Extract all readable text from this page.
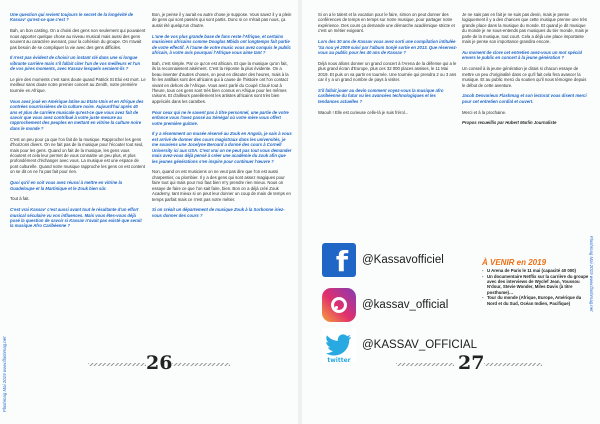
Une question qui revient toujours le secret de la longévité de Kassav' qu'est-ce que c'est ?

Bah, un bon casting. On a choisi des gens non seulement qui pouvaient nous apporter quelque chose au niveau musical mais aussi des gens souvent au caractère avenant, pour la cohésion du groupe. On n'avait pas besoin de se compliquer la vie avec des gens difficiles.

Il n'est pas évident de choisir un instant clé dans une si longue vibrante carrière mais s'il fallait citer l'un de vos meilleurs et l'un de vos pires moments, avec Kassav lesquels seraient-ils ?

Le pire des moments c'est sans doute quand Patrick St Eloi est mort. Le meilleur sans doute notre premier concert au Zenith, notre première tournée en Afrique.

Vous avez joué en Amérique latine au Etats-Unis et en Afrique des contrées nourrissières de la culture noire. Aujourd'hui après 40 ans et plus de carrière musicale qu'est-ce que vous avez fait de savoir que vous avez contribué à votre juste mesure au rapprochement des peuples en mettant en vitrine la culture noire dans le monde ?

C'est un peu pour ça que l'on fait de la musique. Rapprocher les gens d'horizons divers. On ne fait pas de la musique pour l'écouter tout seul, mais pour les gens. Quand on fait de la musique, les gens vous écoutent et cela leur permet de vous connaitre un peu plus, et plus profondément d'échanger avec vous. La musique est une espace de pont culturelle. Quand notre musique rapproche les gens on est content on se dit on ne l'a pas fait pour rien.

Quoi qu'il en soit vous avez réussi à mettre en vitrine la Guadeloupe et la Martinique et le Zouk bien sûr.

Tout à fait.

C'est vrai Kassav' c'est aussi avant tout le résultante d'un effort musical séculaire vu vos influences. Mais vous êtes-vous déjà posé la question de savoir si Kassav n'avait pas existé que serait la musique Afro Caribéenne ?

Bon, je pense il y aurait eu autre chose je suppose. Vous savez il y a plein de gens qui sont passés qui sont partis. Donc si ce n'était pas nous, ça aurait été quelqu'un d'autre.

L'une de vos plus grande base de fans reste l'Afrique, et certains musiciens africains comme Douglas Mbida ont longtemps fait partie de votre effectif. À l'aune de votre music vous avez conquis le public africain, à votre avis pourquoi l'Afrique vous aime tant ?

Bah, c'est simple. Par ce qu'on est africain. Et que la musique qu'on fait, ils la reconnaissent aisément. C'est la réponse la plus évidente. On a beau inventer d'autres choses, on peut en discuter des heures, mais à la fin les antillais sont des africains qui à cause de l'histoire ont l'on contact vivant en dehors de l'Afrique. Vous avez parlé du Coupé Cloué tout à l'heure, tous ces gens sont très bien connus en Afrique pour les mêmes raisons. Et d'ailleurs pareillement les artistes africains sont très bien appréciés dans les caraïbes.

Pour ceux qui ne le savent pas à titre personnel, une partie de votre enfance vous l'avez passé au Sénégal où votre mère vous offert votre première guitare.

Il y a récemment un musée réservé au Zouk en Angola, je sais à vous est arrivé de donner des cours magistraux dans les universités, je me souviens une Jocelyne Beroard a donné des cours à Cornell University ici aux USA. C'est vrai on ne peut pas tout vous demander mais avez-vous déjà pensé à créer une académie du zouk afin que les jeunes générations s'en inspire pour continuer l'œuvre ?

Non, quand on est musiciens on ne veut pas dire que l'on est aussi charpentier, ou plombier. Il y a des gens qui sont assez magiques pour faire tout qui mais pour moi faut bien m'y prendre rien mieux. Nous on essaye de faire ce que l'on sait faire, bien. Bon on a déjà créé Zouk Academy, tant mieux si on peut leur donner un coup de main de temps en temps parfait mais ce n'est pas notre métier.

Si on créait un département de musique Zouk à la Sorbonne iriez-vous donner des cours ?

26
Flashmag Mai 2019 www.flashmag.net

Si on a le talent et la vocation pour le faire, simon on peut donner des conférences de temps en temps sur notre musique, pour partager notre expérience. Des cours ça demande une démarche académique stricte et c'est un métier exigeant.

Lors des 30 ans de Kassav vous avez sorti une compilation intitulée 'Sa nou yé 2009 suivi par l'album Sonjé sortie en 2013. Que réservez-vous au public pour les 40 ans de Kassav ?

Déjà nous allons donner un grand concert à l'Arena de la défense qui a le plus grand écran d'Europe, plus ces 32 000 places assises, le 11 Mai 2019. Et puis on va partir en tournée. Une tournée qui prendra 2 ou 3 ans car il y a un grand nombre de pays à visiter.

S'il fallait jouer au devin comment voyez-vous la musique afro caribéenne du futur vu les avancées technologiques et les tendances actuelles ?

Waouh ! Elle est curieuse celle-là je suis frérol...

Je ne sais pas en fait je ne suis pas devin, mais je pense logiquement il y a des chances que cette musique prenne une très grande place dans la musique du monde. Et quand je dit musique du monde je ne sous-entends pas musiques du tier monde, mais je parle de la musique, tout court. Cela a déjà une place importante mais je pense son importance grandira encore.

Au moment de clore cet entretien avez-vous un mot spécial envers le public en concert à la jeune génération ?

Un conseil à la jeune génération je dirais si chacun essaye de mettre un peu d'originalité dans ce qu'il fait cela fera avancer la musique. Et au public merci du soutien qu'il nous témoigne depuis le début de cette aventure.

Jacob Desvarieux Flashmag et son lectorat vous disent merci pour cet entretien cordial et ouvert.

Merci et à la prochaine.

Propos recueillis par Hubert Marlin Journaliste

27
Flashmag Mai 2019 www.flashmag.net
f @Kassavofficiel
@kassav_official
twitter
@KASSAV_OFFICIAL
À VENIR en 2019
- U Arena de Paris le 11 mai (capacité 40 000)
- Un documentaire Netflix sur la carrière du groupe avec des interviews de Wyclef Jean, Youssou N'dour, Stevie Wonder, Miles Davis (à titre posthume)…
- Tour du monde (Afrique, Europe, Amérique du Nord et du Sud, Océan Indien, Pacifique)
